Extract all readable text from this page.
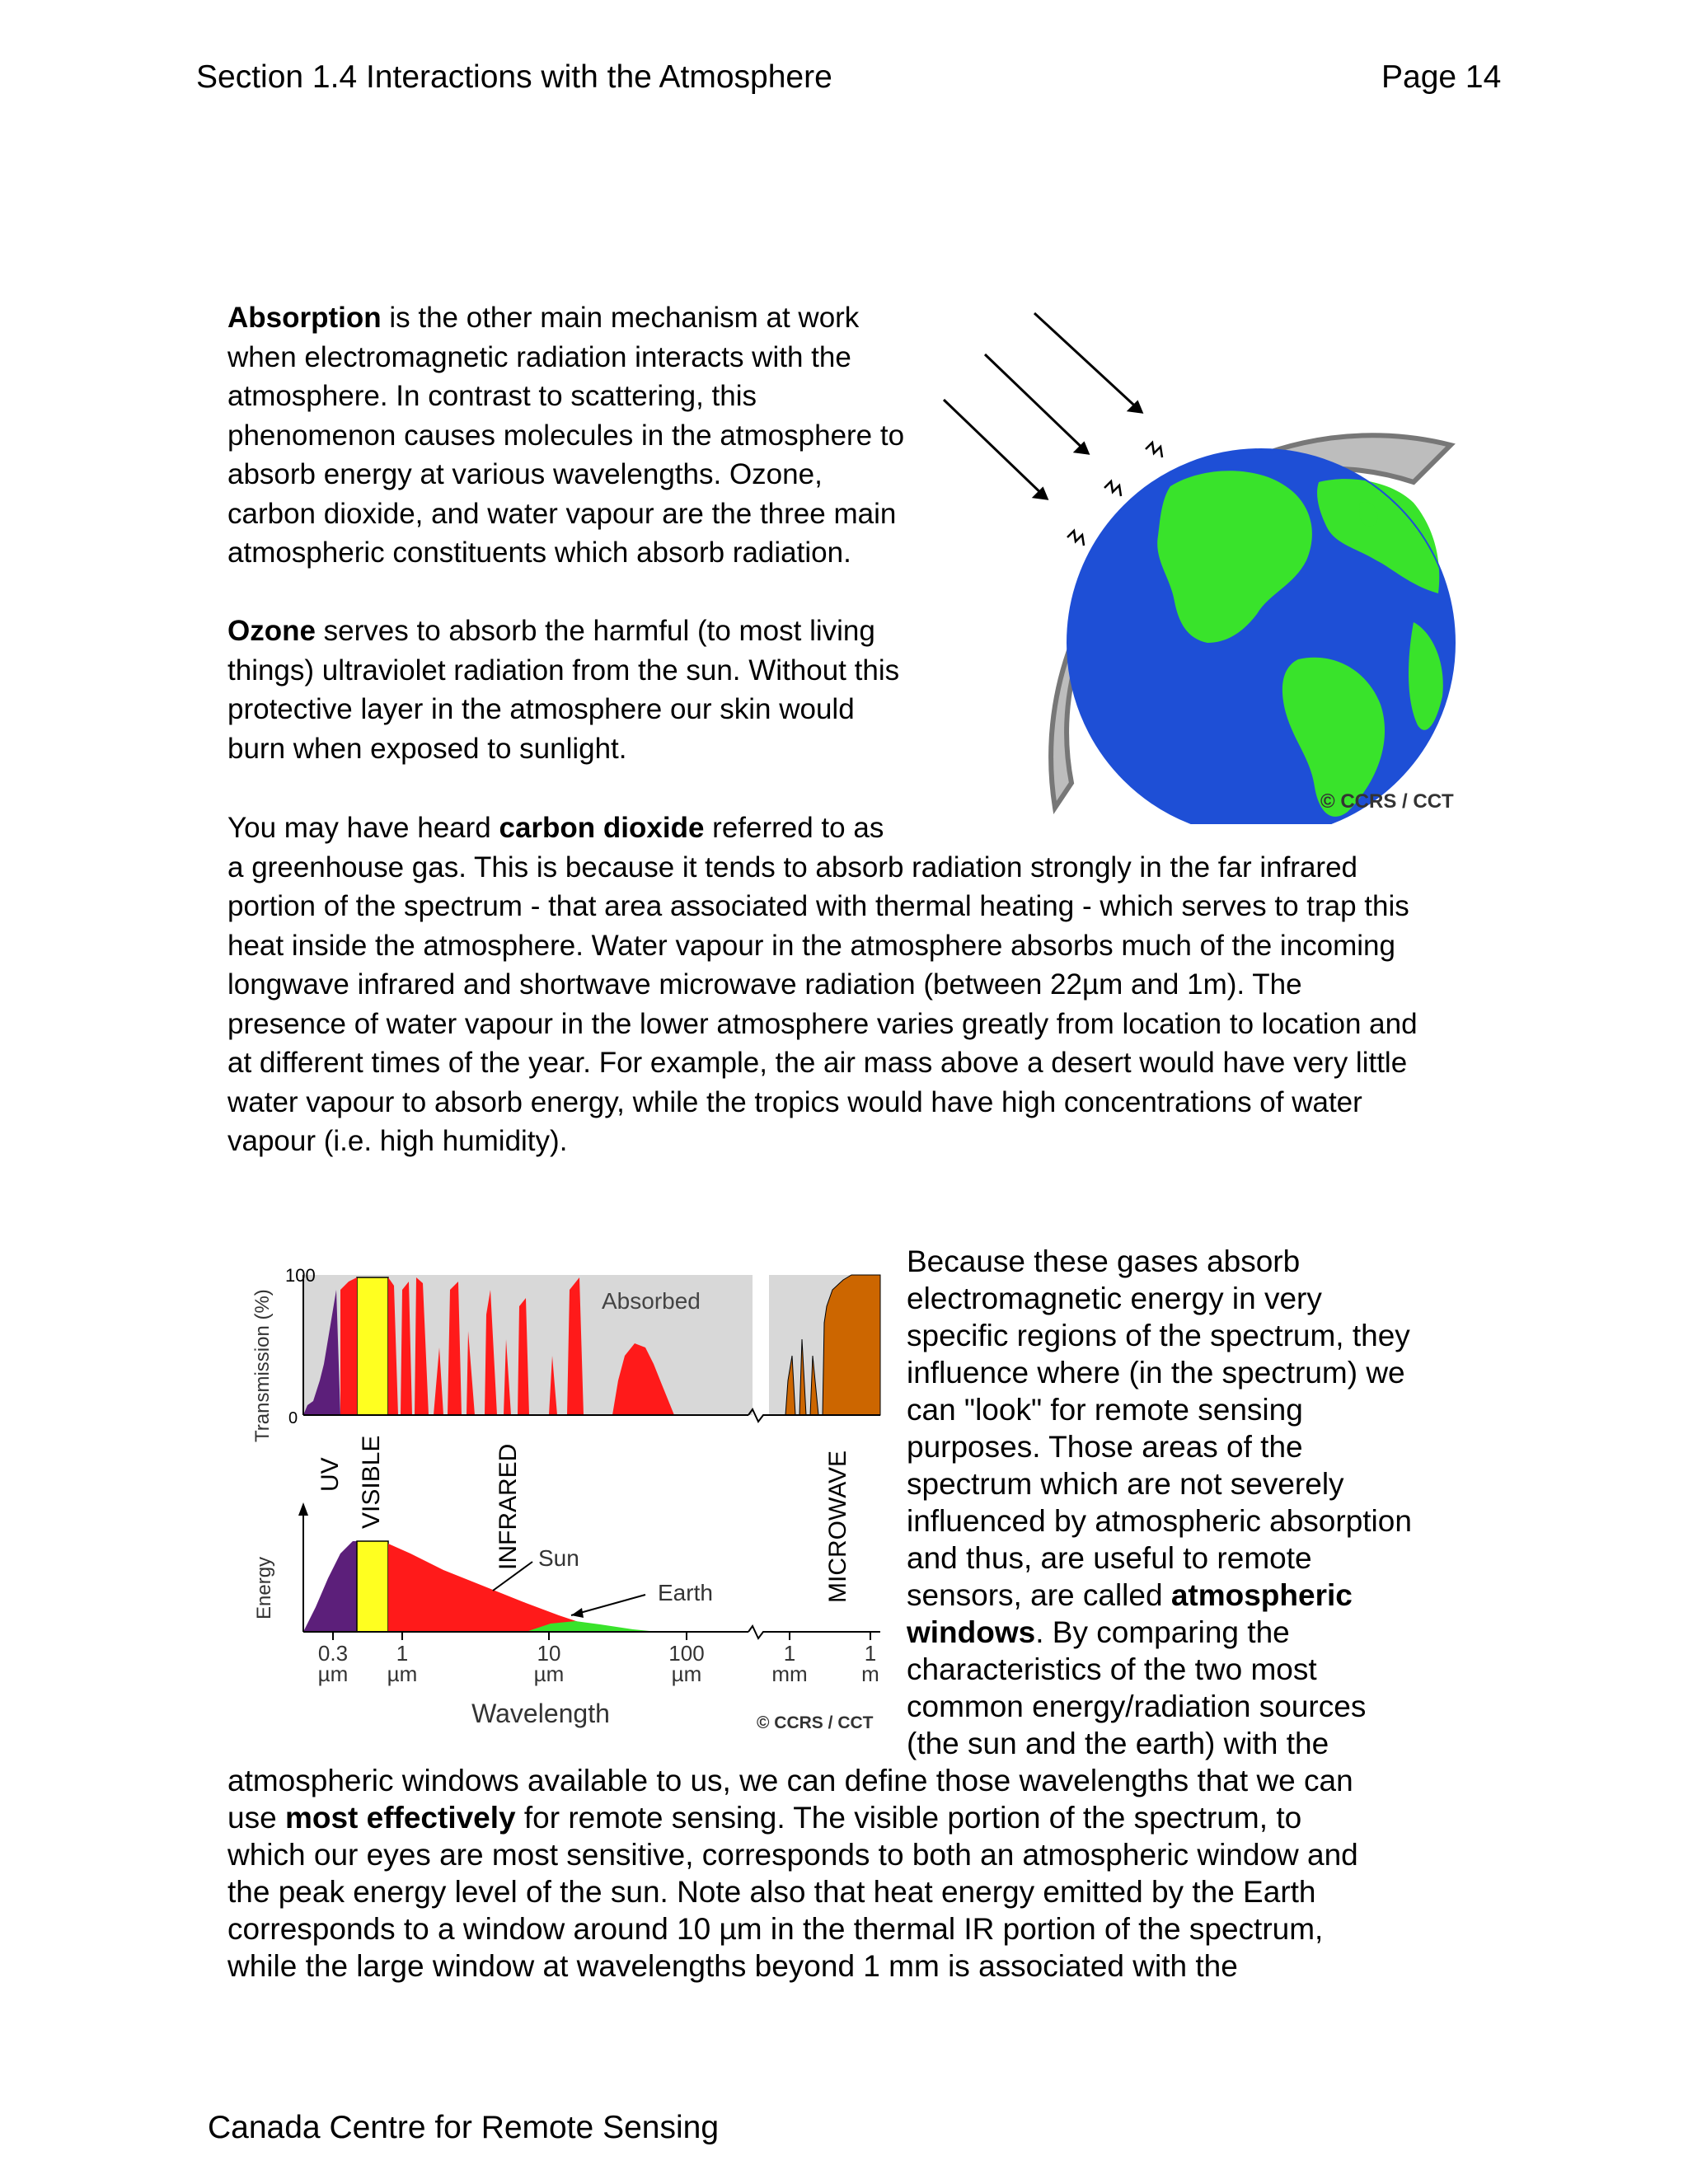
Section 1.4 Interactions with the Atmosphere	Page 14
Absorption is the other main mechanism at work
when electromagnetic radiation interacts with the
atmosphere. In contrast to scattering, this
phenomenon causes molecules in the atmosphere to
absorb energy at various wavelengths. Ozone,
carbon dioxide, and water vapour are the three main
atmospheric constituents which absorb radiation.
Ozone serves to absorb the harmful (to most living
things) ultraviolet radiation from the sun. Without this
protective layer in the atmosphere our skin would
burn when exposed to sunlight.
You may have heard carbon dioxide referred to as
a greenhouse gas. This is because it tends to absorb radiation strongly in the far infrared
portion of the spectrum - that area associated with thermal heating - which serves to trap this
heat inside the atmosphere. Water vapour in the atmosphere absorbs much of the incoming
longwave infrared and shortwave microwave radiation (between 22µm and 1m). The
presence of water vapour in the lower atmosphere varies greatly from location to location and
at different times of the year. For example, the air mass above a desert would have very little
water vapour to absorb energy, while the tropics would have high concentrations of water
vapour (i.e. high humidity).
© CCRS / CCT
100
0
Transmission (%)	Absorbed
UV VISIBLE	INFRARED	MICROWAVE
Energy	Sun
Earth
0.3
µm
1
µm
10
µm
100
µm
1
mm
1
m
Wavelength	© CCRS / CCT
Because these gases absorb
electromagnetic energy in very
specific regions of the spectrum, they
influence where (in the spectrum) we
can "look" for remote sensing
purposes. Those areas of the
spectrum which are not severely
influenced by atmospheric absorption
and thus, are useful to remote
sensors, are called atmospheric
windows. By comparing the
characteristics of the two most
common energy/radiation sources
(the sun and the earth) with the
atmospheric windows available to us, we can define those wavelengths that we can
use most effectively for remote sensing. The visible portion of the spectrum, to
which our eyes are most sensitive, corresponds to both an atmospheric window and
the peak energy level of the sun. Note also that heat energy emitted by the Earth
corresponds to a window around 10 µm in the thermal IR portion of the spectrum,
while the large window at wavelengths beyond 1 mm is associated with the
Canada Centre for Remote Sensing
